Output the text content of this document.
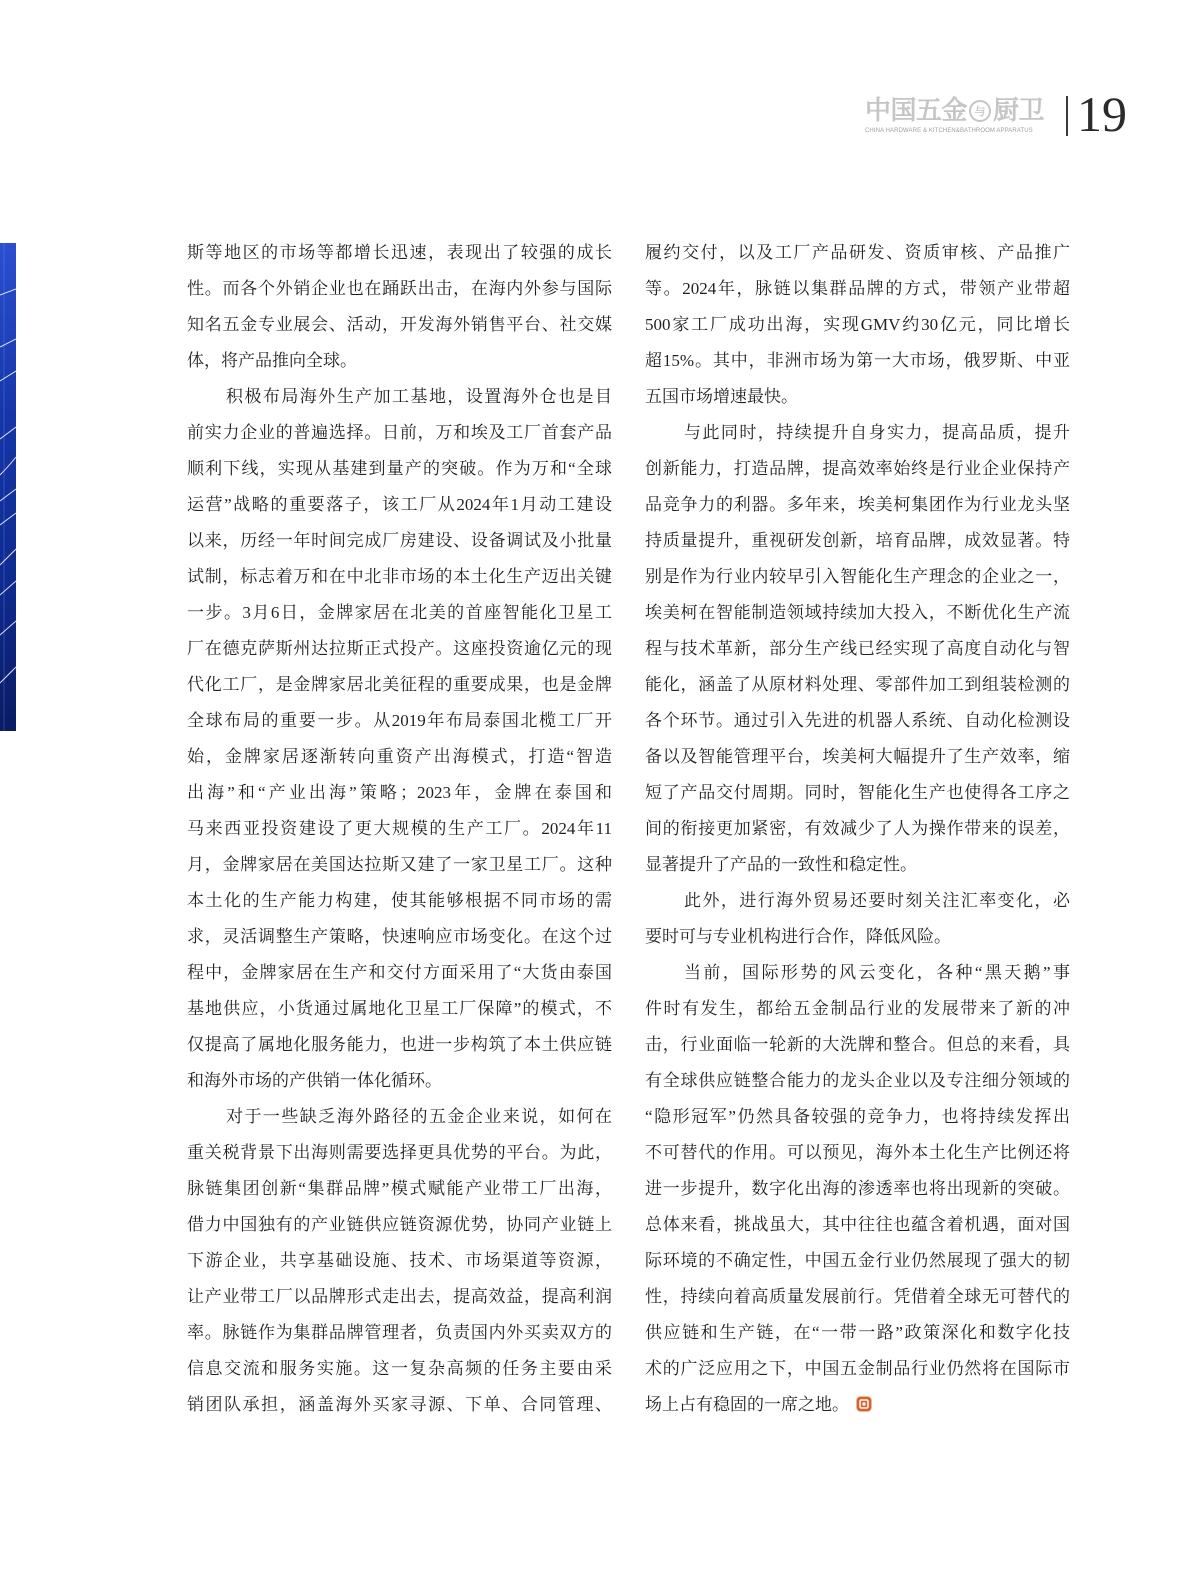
中国五金 与 厨卫
CHINA HARDWARE & KITCHEN&BATHROOM APPARATUS 19
斯等地区的市场等都增长迅速，表现出了较强的成长
性。而各个外销企业也在踊跃出击，在海内外参与国际
知名五金专业展会、活动，开发海外销售平台、社交媒
体，将产品推向全球。
积极布局海外生产加工基地，设置海外仓也是目
前实力企业的普遍选择。日前，万和埃及工厂首套产品
顺利下线，实现从基建到量产的突破。作为万和“全球
运营”战略的重要落子，该工厂从2024年1月动工建设
以来，历经一年时间完成厂房建设、设备调试及小批量
试制，标志着万和在中北非市场的本土化生产迈出关键
一步。3月6日，金牌家居在北美的首座智能化卫星工
厂在德克萨斯州达拉斯正式投产。这座投资逾亿元的现
代化工厂，是金牌家居北美征程的重要成果，也是金牌
全球布局的重要一步。从2019年布局泰国北榄工厂开
始，金牌家居逐渐转向重资产出海模式，打造“智造
出海”和“产业出海”策略；2023年，金牌在泰国和
马来西亚投资建设了更大规模的生产工厂。2024年11
月，金牌家居在美国达拉斯又建了一家卫星工厂。这种
本土化的生产能力构建，使其能够根据不同市场的需
求，灵活调整生产策略，快速响应市场变化。在这个过
程中，金牌家居在生产和交付方面采用了“大货由泰国
基地供应，小货通过属地化卫星工厂保障”的模式，不
仅提高了属地化服务能力，也进一步构筑了本土供应链
和海外市场的产供销一体化循环。
对于一些缺乏海外路径的五金企业来说，如何在
重关税背景下出海则需要选择更具优势的平台。为此，
脉链集团创新“集群品牌”模式赋能产业带工厂出海，
借力中国独有的产业链供应链资源优势，协同产业链上
下游企业，共享基础设施、技术、市场渠道等资源，
让产业带工厂以品牌形式走出去，提高效益，提高利润
率。脉链作为集群品牌管理者，负责国内外买卖双方的
信息交流和服务实施。这一复杂高频的任务主要由采
销团队承担，涵盖海外买家寻源、下单、合同管理、
履约交付，以及工厂产品研发、资质审核、产品推广
等。2024年，脉链以集群品牌的方式，带领产业带超
500家工厂成功出海，实现GMV约30亿元，同比增长
超15%。其中，非洲市场为第一大市场，俄罗斯、中亚
五国市场增速最快。
与此同时，持续提升自身实力，提高品质，提升
创新能力，打造品牌，提高效率始终是行业企业保持产
品竞争力的利器。多年来，埃美柯集团作为行业龙头坚
持质量提升，重视研发创新，培育品牌，成效显著。特
别是作为行业内较早引入智能化生产理念的企业之一，
埃美柯在智能制造领域持续加大投入，不断优化生产流
程与技术革新，部分生产线已经实现了高度自动化与智
能化，涵盖了从原材料处理、零部件加工到组装检测的
各个环节。通过引入先进的机器人系统、自动化检测设
备以及智能管理平台，埃美柯大幅提升了生产效率，缩
短了产品交付周期。同时，智能化生产也使得各工序之
间的衔接更加紧密，有效减少了人为操作带来的误差，
显著提升了产品的一致性和稳定性。
此外，进行海外贸易还要时刻关注汇率变化，必
要时可与专业机构进行合作，降低风险。
当前，国际形势的风云变化，各种“黑天鹅”事
件时有发生，都给五金制品行业的发展带来了新的冲
击，行业面临一轮新的大洗牌和整合。但总的来看，具
有全球供应链整合能力的龙头企业以及专注细分领域的
“隐形冠军”仍然具备较强的竞争力，也将持续发挥出
不可替代的作用。可以预见，海外本土化生产比例还将
进一步提升，数字化出海的渗透率也将出现新的突破。
总体来看，挑战虽大，其中往往也蕴含着机遇，面对国
际环境的不确定性，中国五金行业仍然展现了强大的韧
性，持续向着高质量发展前行。凭借着全球无可替代的
供应链和生产链，在“一带一路”政策深化和数字化技
术的广泛应用之下，中国五金制品行业仍然将在国际市
场上占有稳固的一席之地。
